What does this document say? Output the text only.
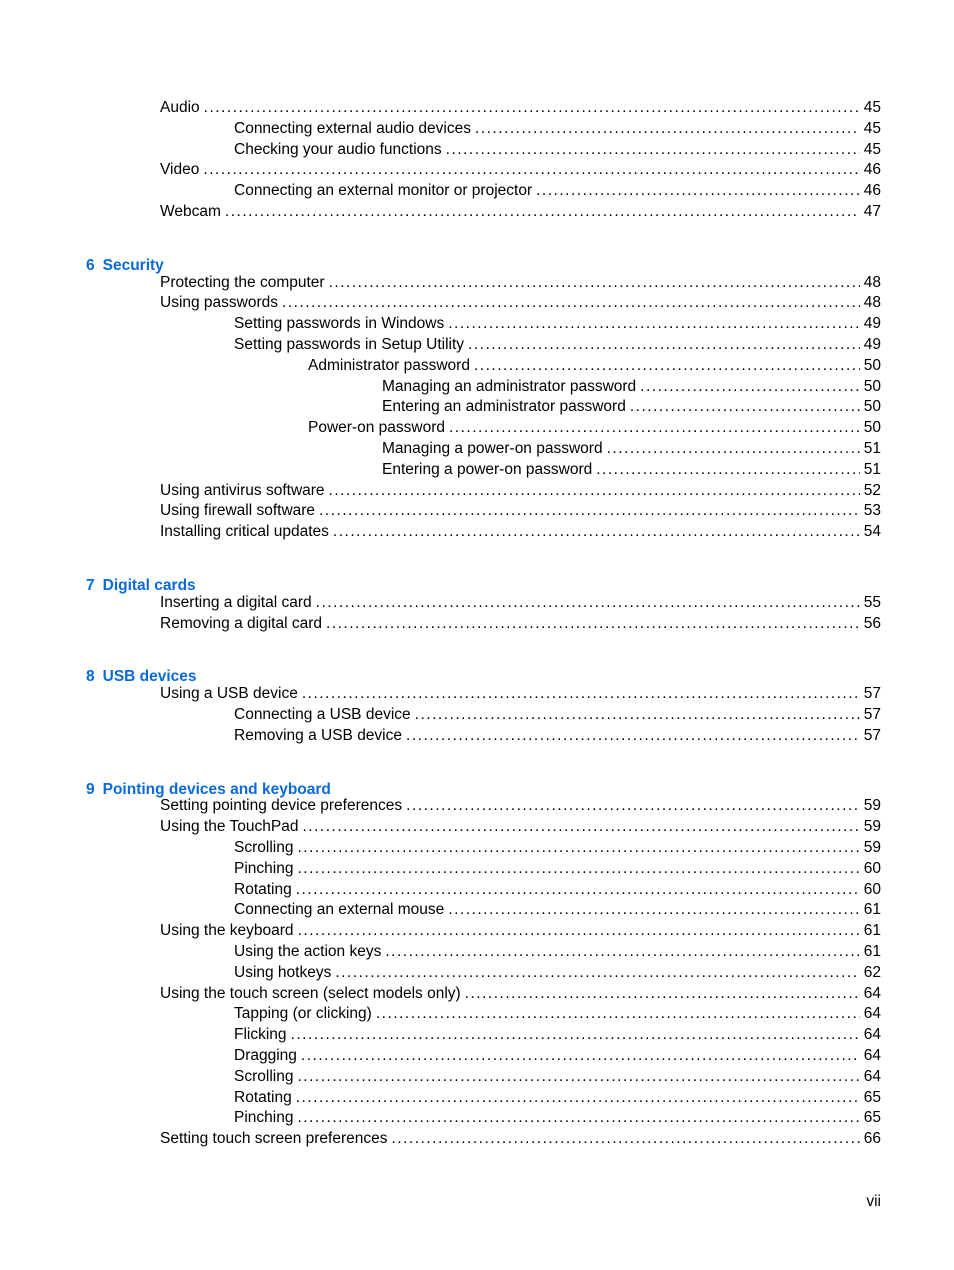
Audio . . .	45
Connecting external audio devices . . .	45
Checking your audio functions . . .	45
Video . . .	46
Connecting an external monitor or projector . . .	46
Webcam . . .	47
6 Security
Protecting the computer . . .	48
Using passwords . . .	48
Setting passwords in Windows . . .	49
Setting passwords in Setup Utility . . .	49
Administrator password . . .	50
Managing an administrator password . . .	50
Entering an administrator password . . .	50
Power-on password . . .	50
Managing a power-on password . . .	51
Entering a power-on password . . .	51
Using antivirus software . . .	52
Using firewall software . . .	53
Installing critical updates . . .	54
7 Digital cards
Inserting a digital card . . .	55
Removing a digital card . . .	56
8 USB devices
Using a USB device . . .	57
Connecting a USB device . . .	57
Removing a USB device . . .	57
9 Pointing devices and keyboard
Setting pointing device preferences . . .	59
Using the TouchPad . . .	59
Scrolling . . .	59
Pinching . . .	60
Rotating . . .	60
Connecting an external mouse . . .	61
Using the keyboard . . .	61
Using the action keys . . .	61
Using hotkeys . . .	62
Using the touch screen (select models only) . . .	64
Tapping (or clicking) . . .	64
Flicking . . .	64
Dragging . . .	64
Scrolling . . .	64
Rotating . . .	65
Pinching . . .	65
Setting touch screen preferences . . .	66
vii
